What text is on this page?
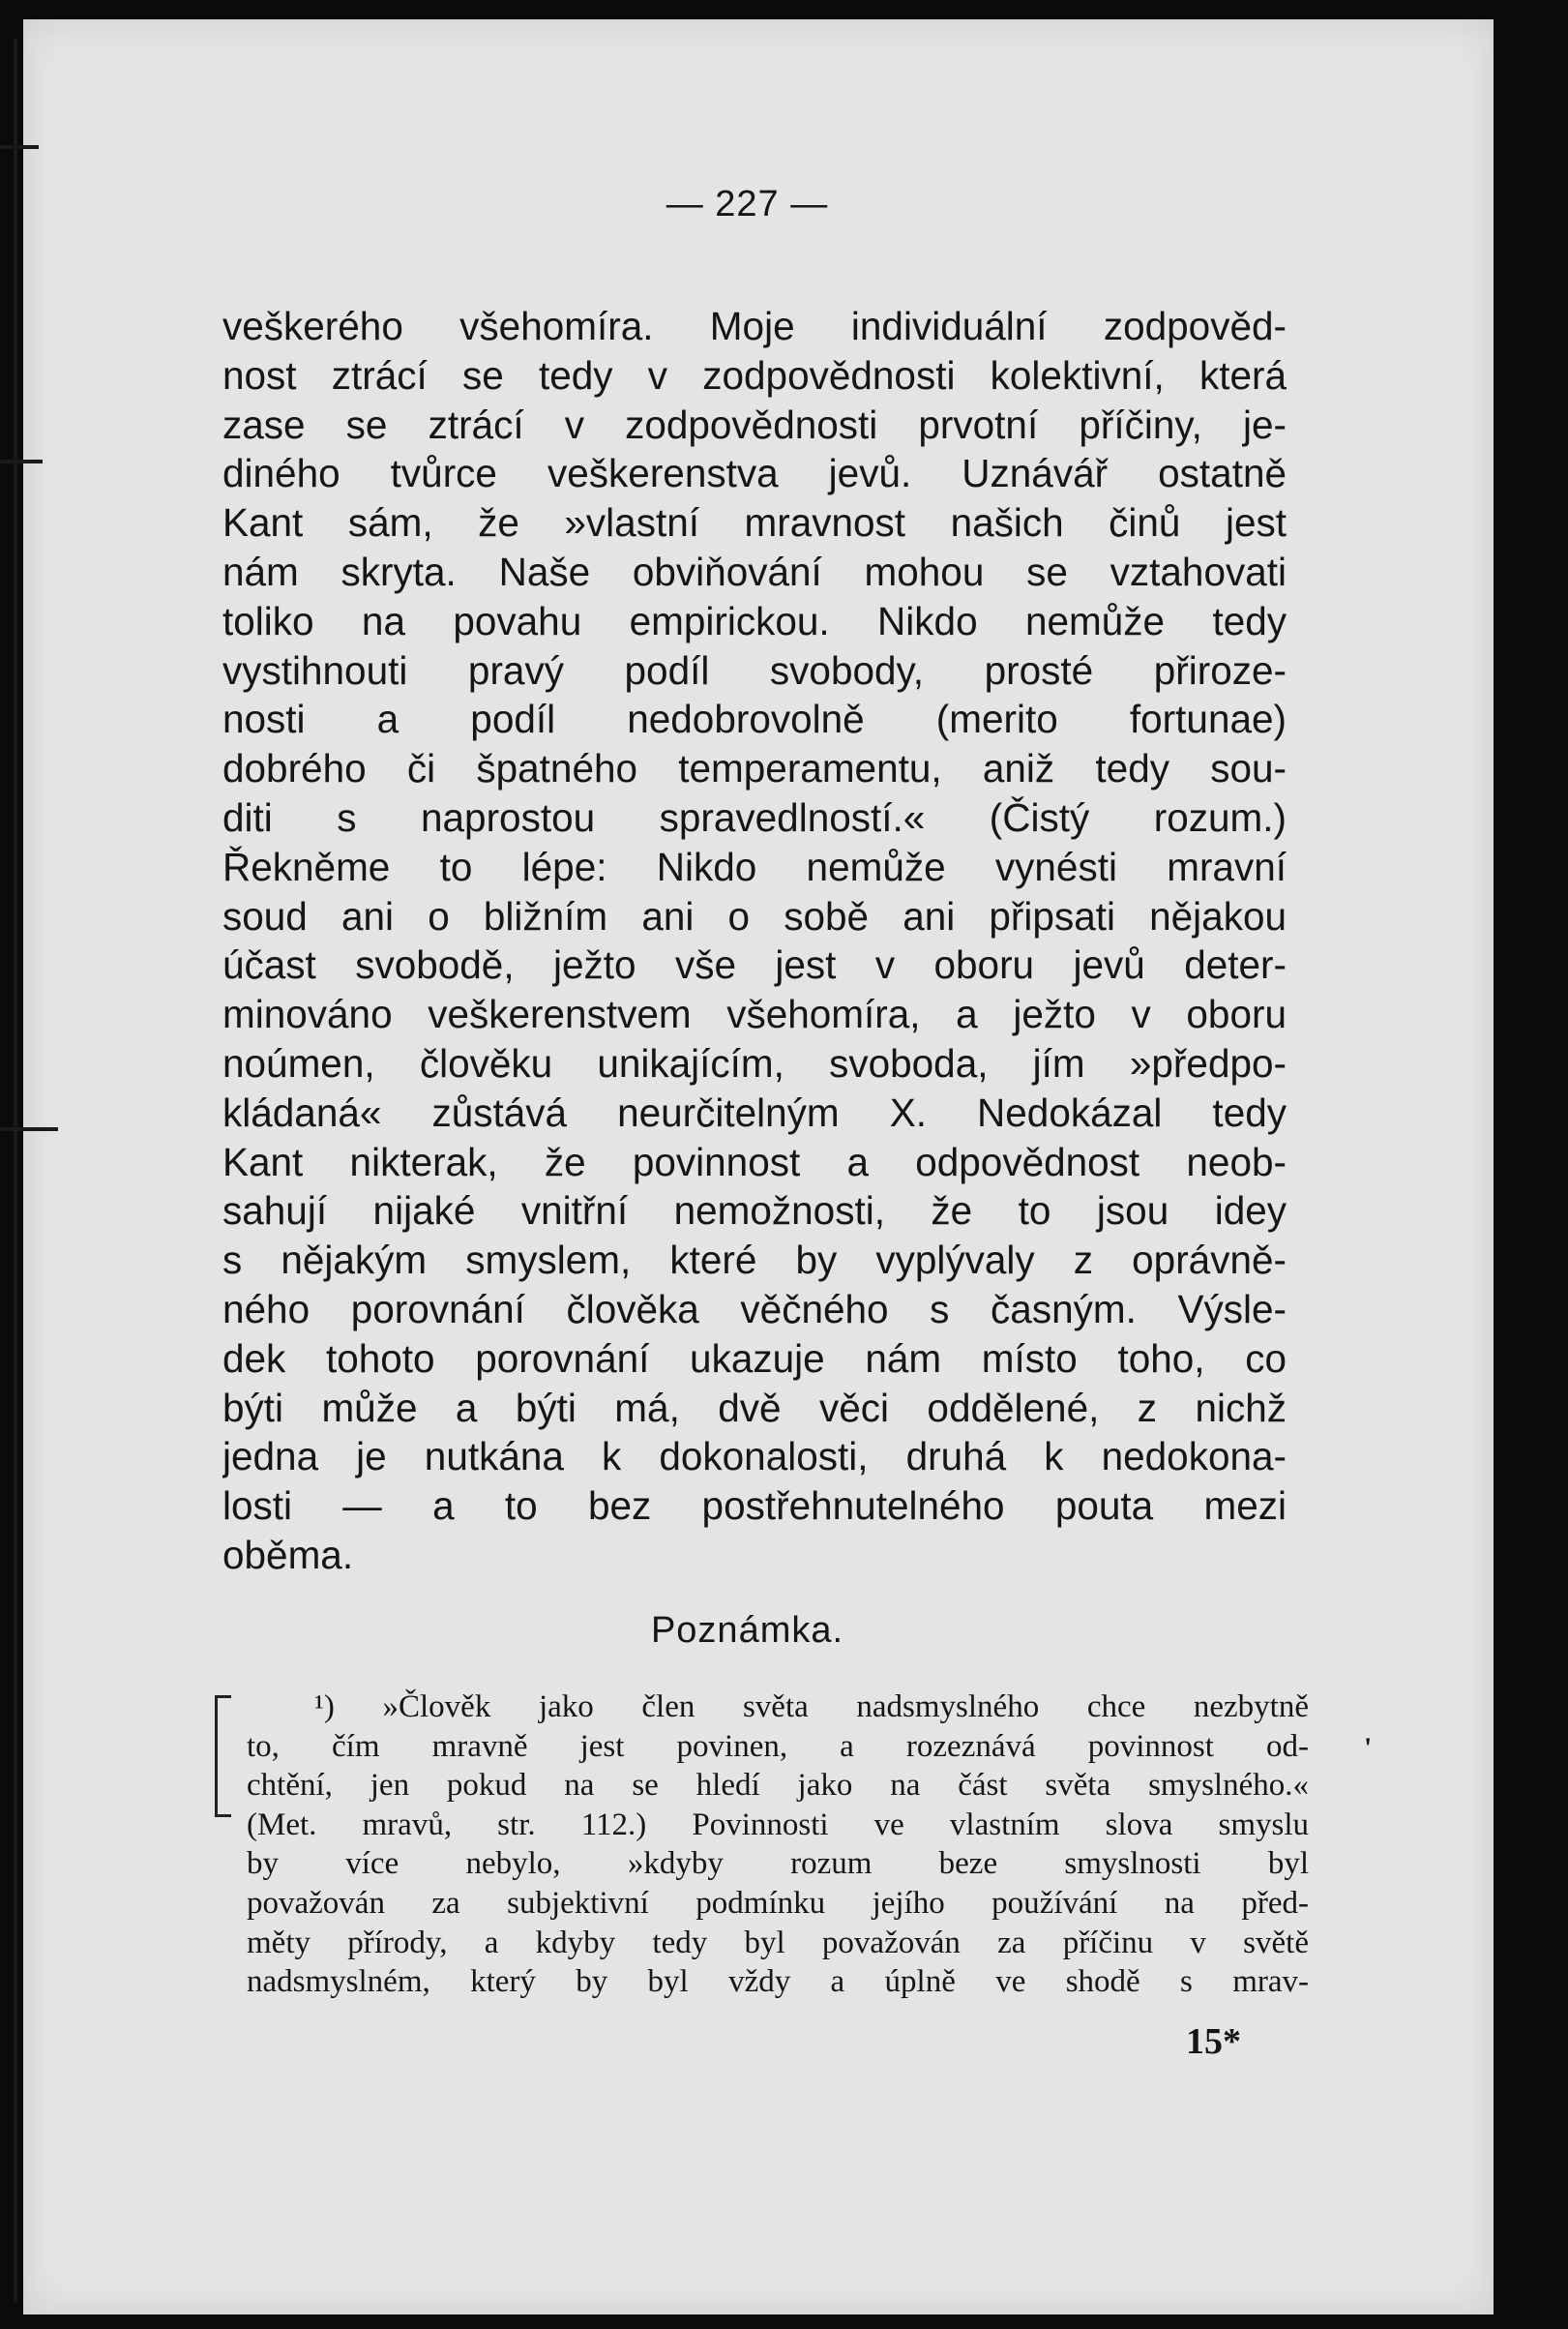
— 227 —
veškerého všehomíra. Moje individuální zodpověd-
nost ztrácí se tedy v zodpovědnosti kolektivní, která
zase se ztrácí v zodpovědnosti prvotní příčiny, je-
diného tvůrce veškerenstva jevů. Uznávář ostatně
Kant sám, že »vlastní mravnost našich činů jest
nám skryta. Naše obviňování mohou se vztahovati
toliko na povahu empirickou. Nikdo nemůže tedy
vystihnouti pravý podíl svobody, prosté přiroze-
nosti a podíl nedobrovolně (merito fortunae)
dobrého či špatného temperamentu, aniž tedy sou-
diti s naprostou spravedlností.« (Čistý rozum.)
Řekněme to lépe: Nikdo nemůže vynésti mravní
soud ani o bližním ani o sobě ani připsati nějakou
účast svobodě, ježto vše jest v oboru jevů deter-
minováno veškerenstvem všehomíra, a ježto v oboru
noúmen, člověku unikajícím, svoboda, jím »předpo-
kládaná« zůstává neurčitelným X. Nedokázal tedy
Kant nikterak, že povinnost a odpovědnost neob-
sahují nijaké vnitřní nemožnosti, že to jsou idey
s nějakým smyslem, které by vyplývaly z oprávně-
ného porovnání člověka věčného s časným. Výsle-
dek tohoto porovnání ukazuje nám místo toho, co
býti může a býti má, dvě věci oddělené, z nichž
jedna je nutkána k dokonalosti, druhá k nedokona-
losti — a to bez postřehnutelného pouta mezi
oběma.
Poznámka.
¹) »Člověk jako člen světa nadsmyslného chce nezbytně
to, čím mravně jest povinen, a rozeznává povinnost od-
chtění, jen pokud na se hledí jako na část světa smyslného.«
(Met. mravů, str. 112.) Povinnosti ve vlastním slova smyslu
by více nebylo, »kdyby rozum beze smyslnosti byl
považován za subjektivní podmínku jejího používání na před-
měty přírody, a kdyby tedy byl považován za příčinu v světě
nadsmyslném, který by byl vždy a úplně ve shodě s mrav-
'
15*
